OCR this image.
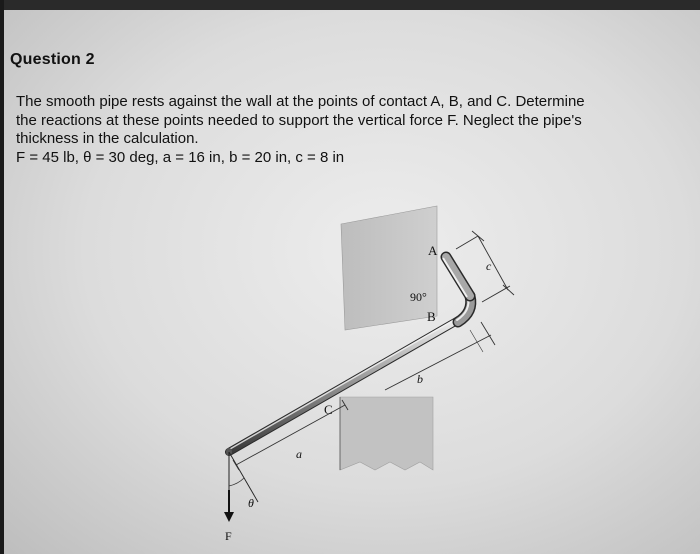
Question 2

The smooth pipe rests against the wall at the points of contact A, B, and C. Determine

the reactions at these points needed to support the vertical force F. Neglect the pipe's

thickness in the calculation.

F = 45 lb, θ = 30 deg, a = 16 in, b = 20 in, c = 8 in

A
B
C
90°
a
b
c
θ
F
